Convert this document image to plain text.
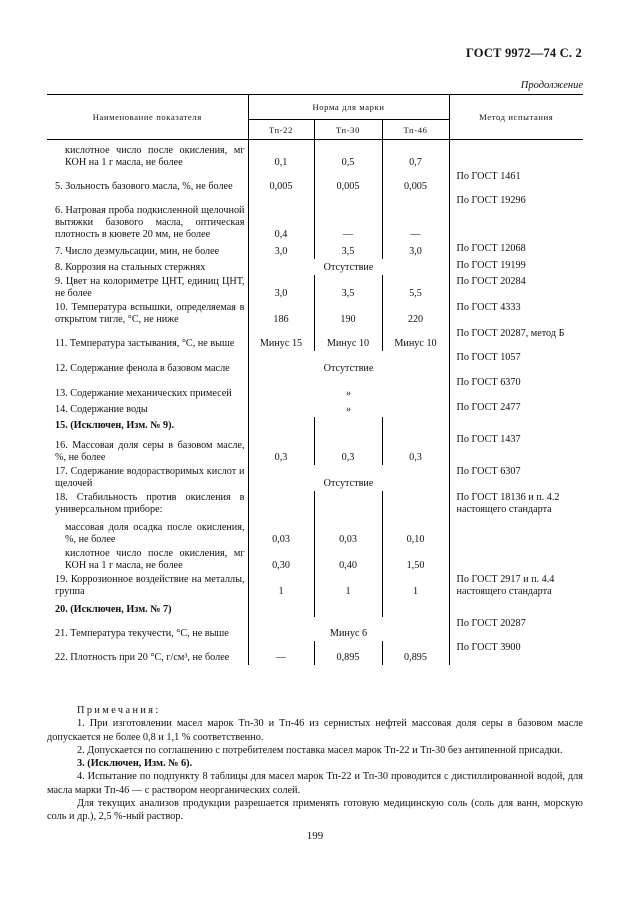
ГОСТ 9972—74 С. 2
Продолжение
Наименование показателя	Норма для марки			Метод испытания
	Тп-22	Тп-30	Тп-46	
кислотное число после окисления, мг КОН на 1 г масла, не более	0,1	0,5	0,7	
5. Зольность базового масла, %, не более	0,005	0,005	0,005	По ГОСТ 1461
6. Натровая проба подкисленной щелочной вытяжки базового масла, оптическая плотность в кювете 20 мм, не более	0,4	—	—	По ГОСТ 19296
7. Число деэмульсации, мин, не более	3,0	3,5	3,0	По ГОСТ 12068
8. Коррозия на стальных стержнях	Отсутствие			По ГОСТ 19199
9. Цвет на колориметре ЦНТ, единиц ЦНТ, не более	3,0	3,5	5,5	По ГОСТ 20284
10. Температура вспышки, определяемая в открытом тигле, °С, не ниже	186	190	220	По ГОСТ 4333
11. Температура застывания, °С, не выше	Минус 15	Минус 10	Минус 10	По ГОСТ 20287, метод Б
12. Содержание фенола в базовом масле	Отсутствие			По ГОСТ 1057
13. Содержание механических примесей	»			По ГОСТ 6370
14. Содержание воды	»			По ГОСТ 2477
15. (Исключен, Изм. № 9).				
16. Массовая доля серы в базовом масле, %, не более	0,3	0,3	0,3	По ГОСТ 1437
17. Содержание водорастворимых кислот и щелочей	Отсутствие			По ГОСТ 6307
18. Стабильность против окисления в универсальном приборе:				По ГОСТ 18136 и п. 4.2 настоящего стандарта
массовая доля осадка после окисления, %, не более	0,03	0,03	0,10	
кислотное число после окисления, мг КОН на 1 г масла, не более	0,30	0,40	1,50	
19. Коррозионное воздействие на металлы, группа	1	1	1	По ГОСТ 2917 и п. 4.4 настоящего стандарта
20. (Исключен, Изм. № 7)				
21. Температура текучести, °С, не выше	Минус 6			По ГОСТ 20287
22. Плотность при 20 °С, г/см³, не более	—	0,895	0,895	По ГОСТ 3900

Примечания:

1. При изготовлении масел марок Тп-30 и Тп-46 из сернистых нефтей массовая доля серы в базовом масле допускается не более 0,8 и 1,1 % соответственно.

2. Допускается по соглашению с потребителем поставка масел марок Тп-22 и Тп-30 без антипенной присадки.

3. (Исключен, Изм. № 6).

4. Испытание по подпункту 8 таблицы для масел марок Тп-22 и Тп-30 проводится с дистиллированной водой, для масла марки Тп-46 — с раствором неорганических солей.

Для текущих анализов продукции разрешается применять готовую медицинскую соль (соль для ванн, морскую соль и др.), 2,5 %-ный раствор.

199
